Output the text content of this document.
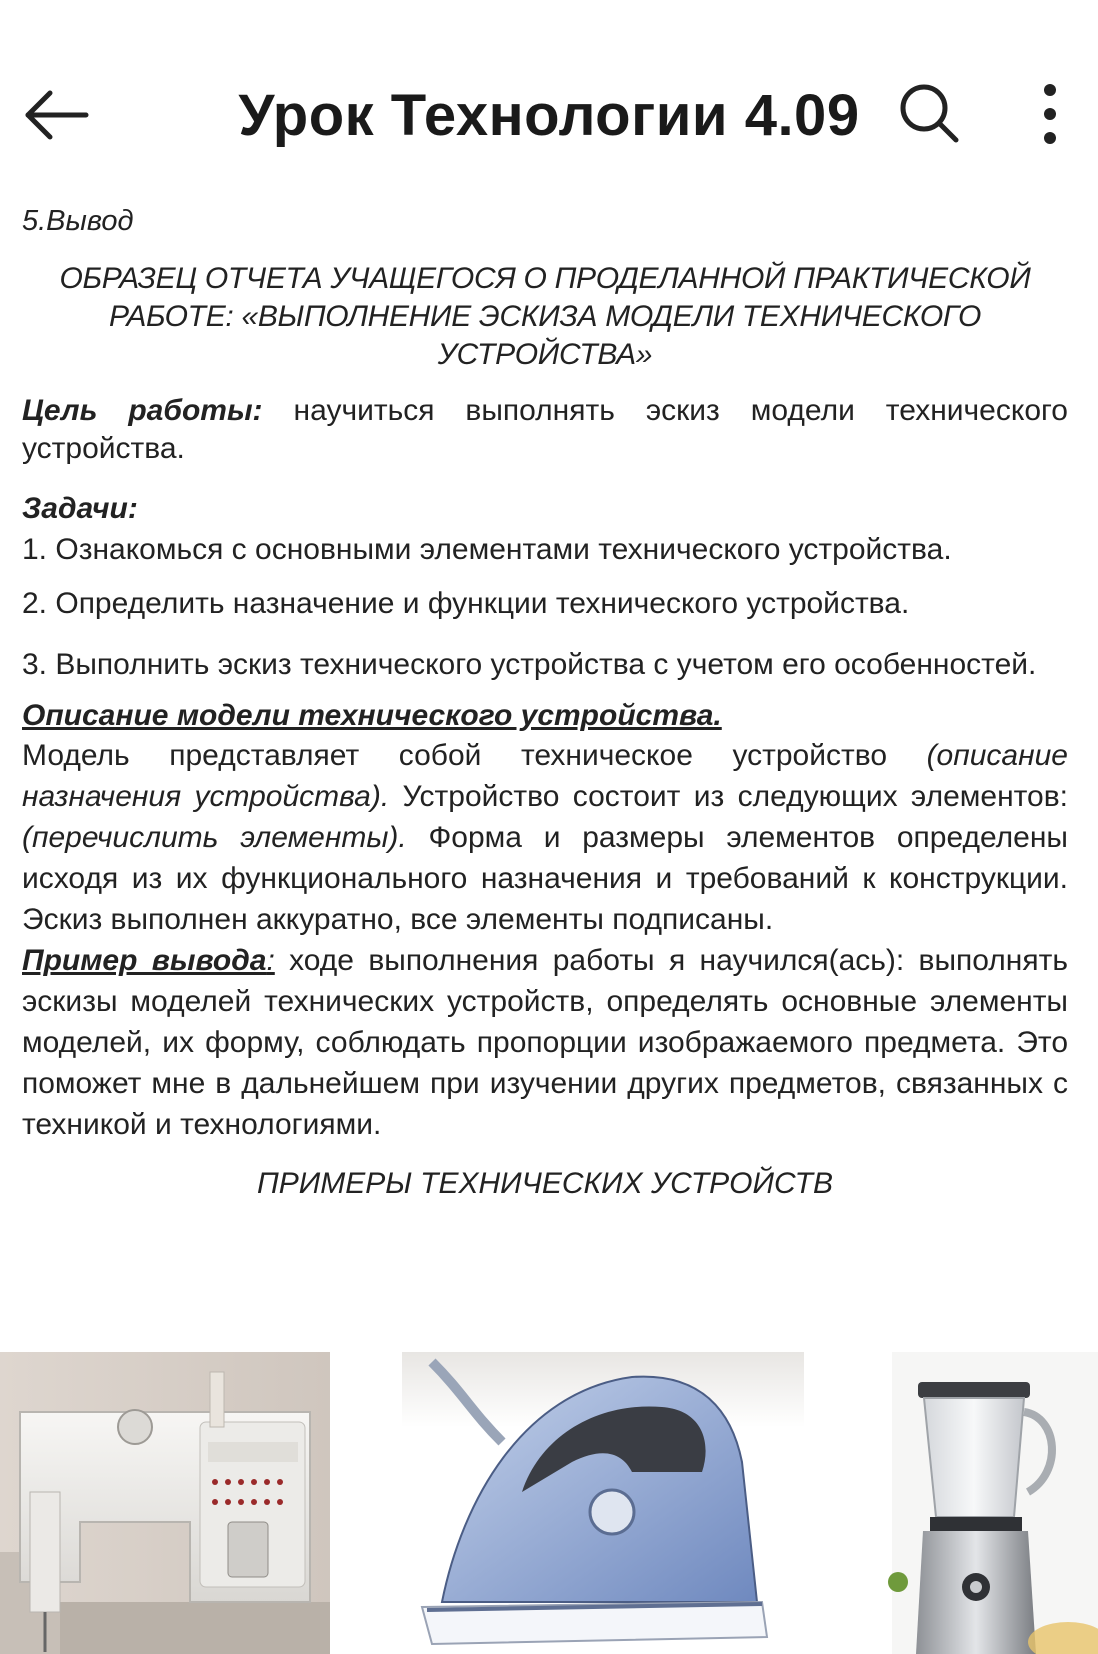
Урок Технологии 4.09
5.Вывод

ОБРАЗЕЦ ОТЧЕТА УЧАЩЕГОСЯ О ПРОДЕЛАННОЙ ПРАКТИЧЕСКОЙ РАБОТЕ: «ВЫПОЛНЕНИЕ ЭСКИЗА МОДЕЛИ ТЕХНИЧЕСКОГО УСТРОЙСТВА»

Цель работы: научиться выполнять эскиз модели технического устройства.

Задачи:

1. Ознакомься с основными элементами технического устройства.

2. Определить назначение и функции технического устройства.

3. Выполнить эскиз технического устройства с учетом его особенностей.

Описание модели технического устройства.

Модель представляет собой техническое устройство (описание назначения устройства). Устройство состоит из следующих элементов: (перечислить элементы). Форма и размеры элементов определены исходя из их функционального назначения и требований к конструкции. Эскиз выполнен аккуратно, все элементы подписаны.

Пример вывода: ходе выполнения работы я научился(ась): выполнять эскизы моделей технических устройств, определять основные элементы моделей, их форму, соблюдать пропорции изображаемого предмета. Это поможет мне в дальнейшем при изучении других предметов, связанных с техникой и технологиями.

ПРИМЕРЫ ТЕХНИЧЕСКИХ УСТРОЙСТВ
